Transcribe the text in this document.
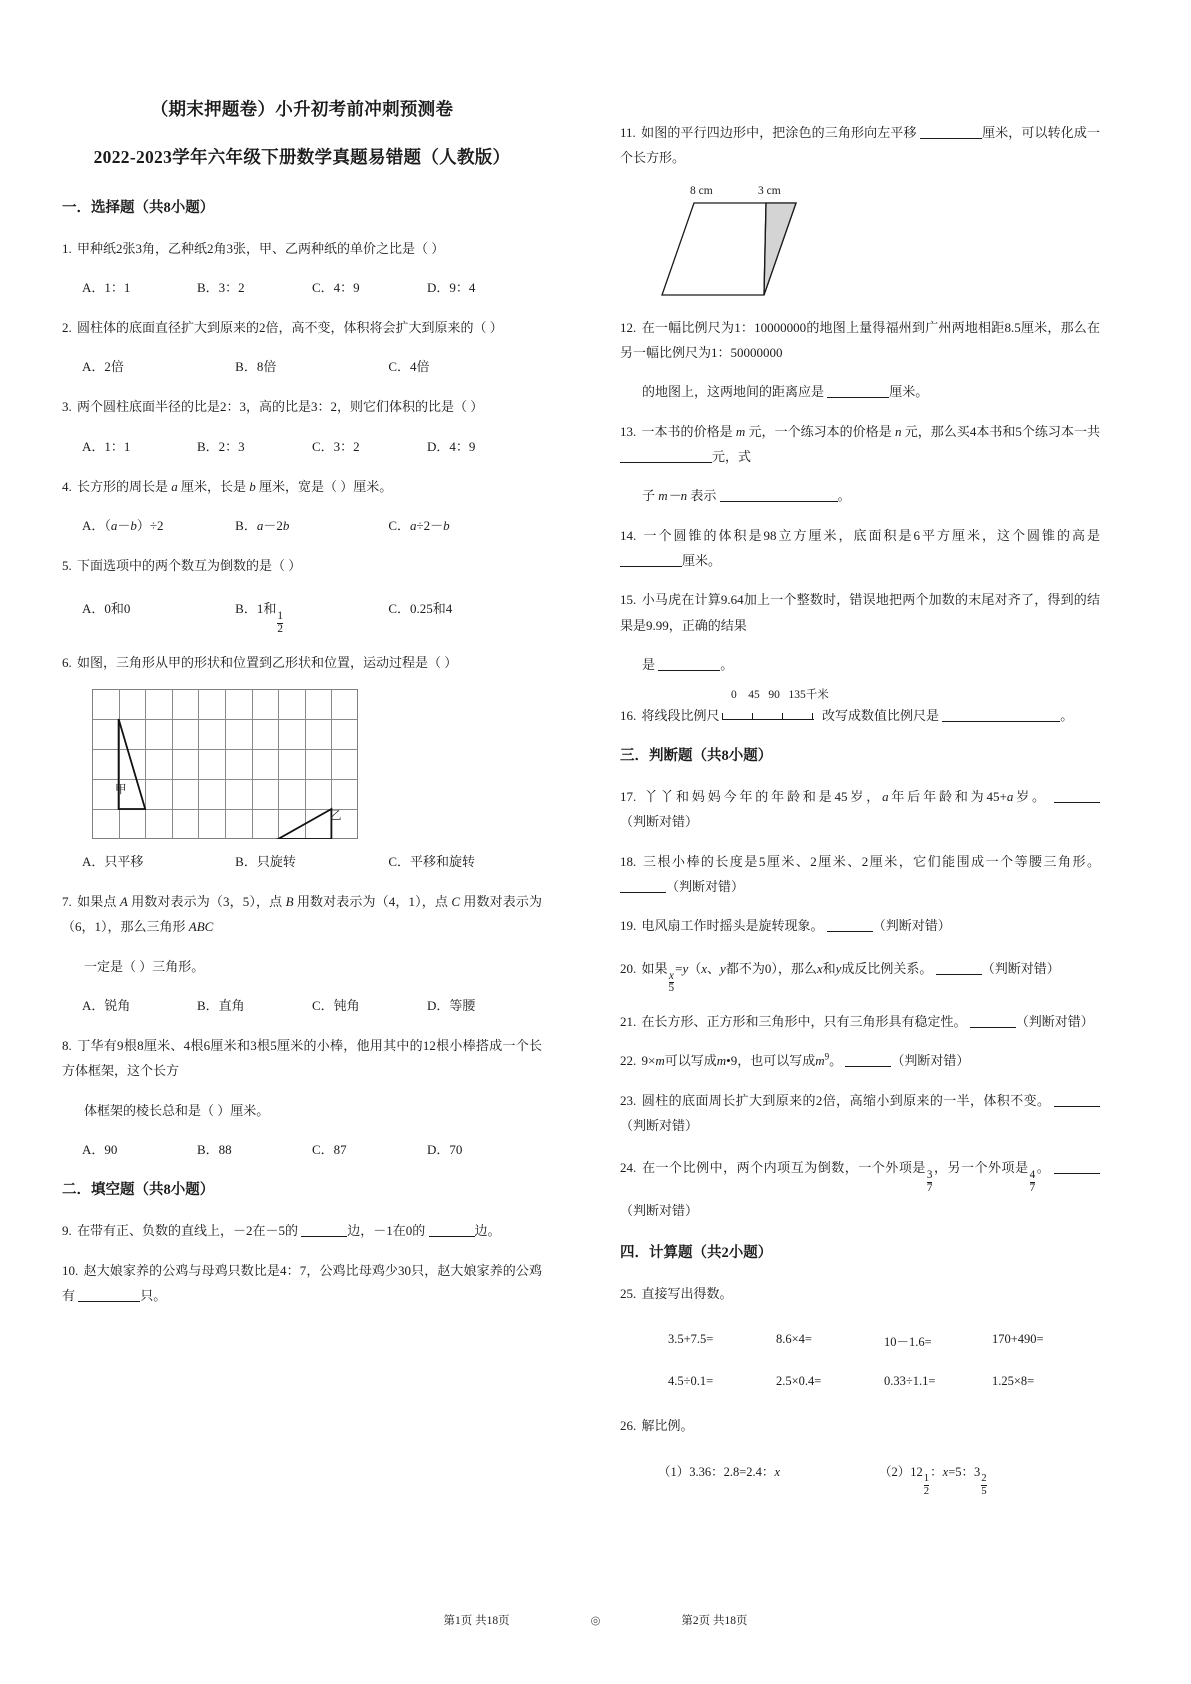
（期末押题卷）小升初考前冲刺预测卷
2022-2023学年六年级下册数学真题易错题（人教版）
一．选择题（共8小题）
1. 甲种纸2张3角，乙种纸2角3张，甲、乙两种纸的单价之比是（ ）
A．1：1	B．3：2	C．4：9	D．9：4
2. 圆柱体的底面直径扩大到原来的2倍，高不变，体积将会扩大到原来的（ ）
A．2倍	B．8倍	C．4倍
3. 两个圆柱底面半径的比是2：3，高的比是3：2，则它们体积的比是（ ）
A．1：1	B．2：3	C．3：2	D．4：9
4. 长方形的周长是 a 厘米，长是 b 厘米，宽是（ ）厘米。
A．（a－b）÷2	B．a－2b	C．a÷2－b
5. 下面选项中的两个数互为倒数的是（ ）
A．0和0	B．1和
$\frac{1}{2}$
C．0.25和4
6. 如图，三角形从甲的形状和位置到乙形状和位置，运动过程是（ ）
甲
乙
A．只平移	B．只旋转	C．平移和旋转
7. 如果点 A 用数对表示为（3，5），点 B 用数对表示为（4，1），点 C 用数对表示为（6，1），那么三角形 ABC
一定是（ ）三角形。
A．锐角	B．直角	C．钝角	D．等腰
8. 丁华有9根8厘米、4根6厘米和3根5厘米的小棒，他用其中的12根小棒搭成一个长方体框架，这个长方
体框架的棱长总和是（ ）厘米。
A．90	B．88	C．87	D．70
二．填空题（共8小题）
9. 在带有正、负数的直线上，－2在－5的	边，－1在0的	边。
10. 赵大娘家养的公鸡与母鸡只数比是4：7，公鸡比母鸡少30只，赵大娘家养的公鸡有	只。
11. 如图的平行四边形中，把涂色的三角形向左平移	厘米，可以转化成一个长方形。
8 cm	3 cm
12. 在一幅比例尺为1：10000000的地图上量得福州到广州两地相距8.5厘米，那么在另一幅比例尺为1：50000000
的地图上，这两地间的距离应是	厘米。
13. 一本书的价格是 m 元，一个练习本的价格是 n 元，那么买4本书和5个练习本一共 元，式
子 m－n 表示	。
14. 一个圆锥的体积是98立方厘米，底面积是6平方厘米，这个圆锥的高是 厘米。
15. 小马虎在计算9.64加上一个整数时，错误地把两个加数的末尾对齐了，得到的结果是9.99，正确的结果
是	。
0 45 90 135千米
16. 将线段比例尺	改写成数值比例尺是	。
三．判断题（共8小题）
17. 丫丫和妈妈今年的年龄和是45岁，a年后年龄和为45+a岁。 （判断对错）
18. 三根小棒的长度是5厘米、2厘米、2厘米，它们能围成一个等腰三角形。 （判断对错）
19. 电风扇工作时摇头是旋转现象。	（判断对错）
20. 如果
$\frac{x}{5}$
=y（x、y都不为0），那么x和y成反比例关系。	（判断对错）
21. 在长方形、正方形和三角形中，只有三角形具有稳定性。	（判断对错）
22. 9×m可以写成m•9，也可以写成$m^9$。	（判断对错）
23. 圆柱的底面周长扩大到原来的2倍，高缩小到原来的一半，体积不变。 （判断对错）
24. 在一个比例中，两个内项互为倒数，一个外项是
$\frac{3}{7}$
，另一个外项是
$\frac{4}{7}$
。 （判断对错）
四．计算题（共2小题）
25. 直接写出得数。
3.5+7.5=	8.6×4=	10－1.6=	170+490=
4.5÷0.1=	2.5×0.4=	0.33÷1.1=	1.25×8=
26. 解比例。
（1）3.36：2.8=2.4：x	（2）12
$\frac{1}{2}$
：x=5：3
$\frac{2}{5}$
第1页 共18页	◎	第2页 共18页
